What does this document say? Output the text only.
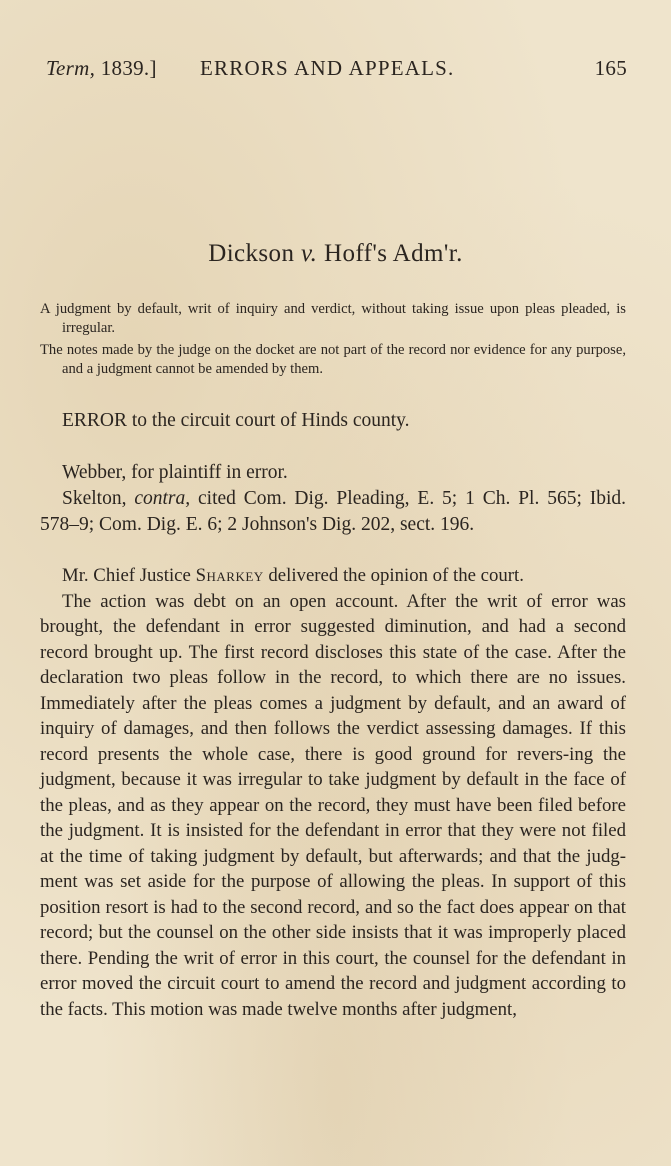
Term, 1839.] ERRORS AND APPEALS.	165
Dickson v. Hoff's Adm'r.

A judgment by default, writ of inquiry and verdict, without taking issue upon pleas pleaded, is irregular.

The notes made by the judge on the docket are not part of the record nor evidence for any purpose, and a judgment cannot be amended by them.

ERROR to the circuit court of Hinds county.

Webber, for plaintiff in error.

Skelton, contra, cited Com. Dig. Pleading, E. 5; 1 Ch. Pl. 565; Ibid. 578–9; Com. Dig. E. 6; 2 Johnson's Dig. 202, sect. 196.

Mr. Chief Justice Sharkey delivered the opinion of the court.

The action was debt on an open account. After the writ of error was brought, the defendant in error suggested diminution, and had a second record brought up. The first record discloses this state of the case. After the declaration two pleas follow in the record, to which there are no issues. Immediately after the pleas comes a judgment by default, and an award of inquiry of damages, and then follows the verdict assessing damages. If this record presents the whole case, there is good ground for revers-ing the judgment, because it was irregular to take judgment by default in the face of the pleas, and as they appear on the record, they must have been filed before the judgment. It is insisted for the defendant in error that they were not filed at the time of taking judgment by default, but afterwards; and that the judg-ment was set aside for the purpose of allowing the pleas. In support of this position resort is had to the second record, and so the fact does appear on that record; but the counsel on the other side insists that it was improperly placed there. Pending the writ of error in this court, the counsel for the defendant in error moved the circuit court to amend the record and judgment according to the facts. This motion was made twelve months after judgment,
